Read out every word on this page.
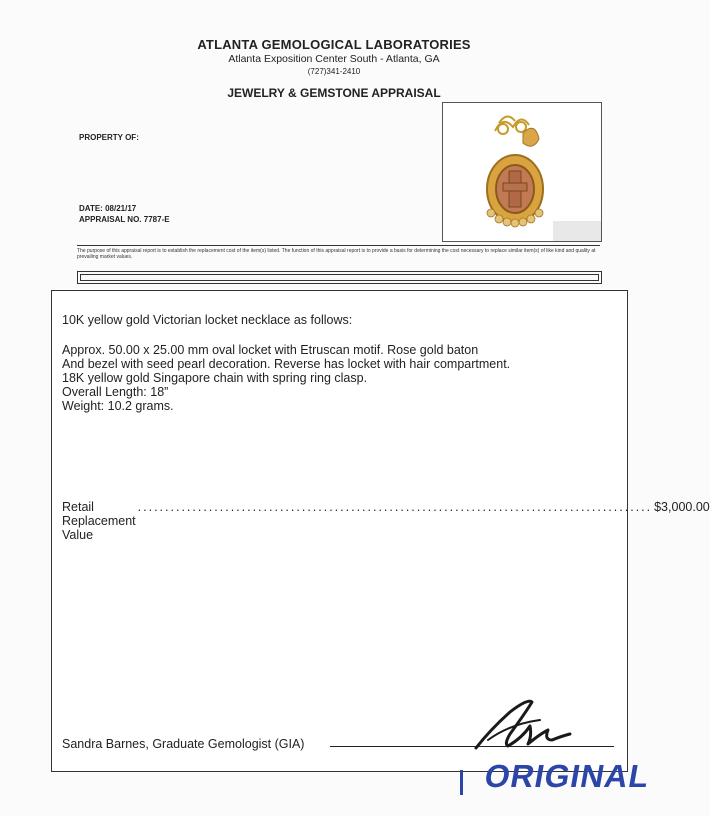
ATLANTA GEMOLOGICAL LABORATORIES
Atlanta Exposition Center South - Atlanta, GA
(727)341-2410
JEWELRY & GEMSTONE APPRAISAL
PROPERTY OF:
DATE: 08/21/17
APPRAISAL NO. 7787-E
The purpose of this appraisal report is to establish the replacement cost of the item(s) listed. The function of this appraisal report is to provide a basis for determining the cost necessary to replace similar item(s) of like kind and quality at prevailing market values.
10K yellow gold Victorian locket necklace as follows:
Approx. 50.00 x 25.00 mm oval locket with Etruscan motif. Rose gold baton
And bezel with seed pearl decoration. Reverse has locket with hair compartment.
18K yellow gold Singapore chain with spring ring clasp.
Overall Length: 18”
Weight: 10.2 grams.
Retail Replacement Value
.............................................................................................. $3,000.00
Sandra Barnes, Graduate Gemologist (GIA)
ORIGINAL
